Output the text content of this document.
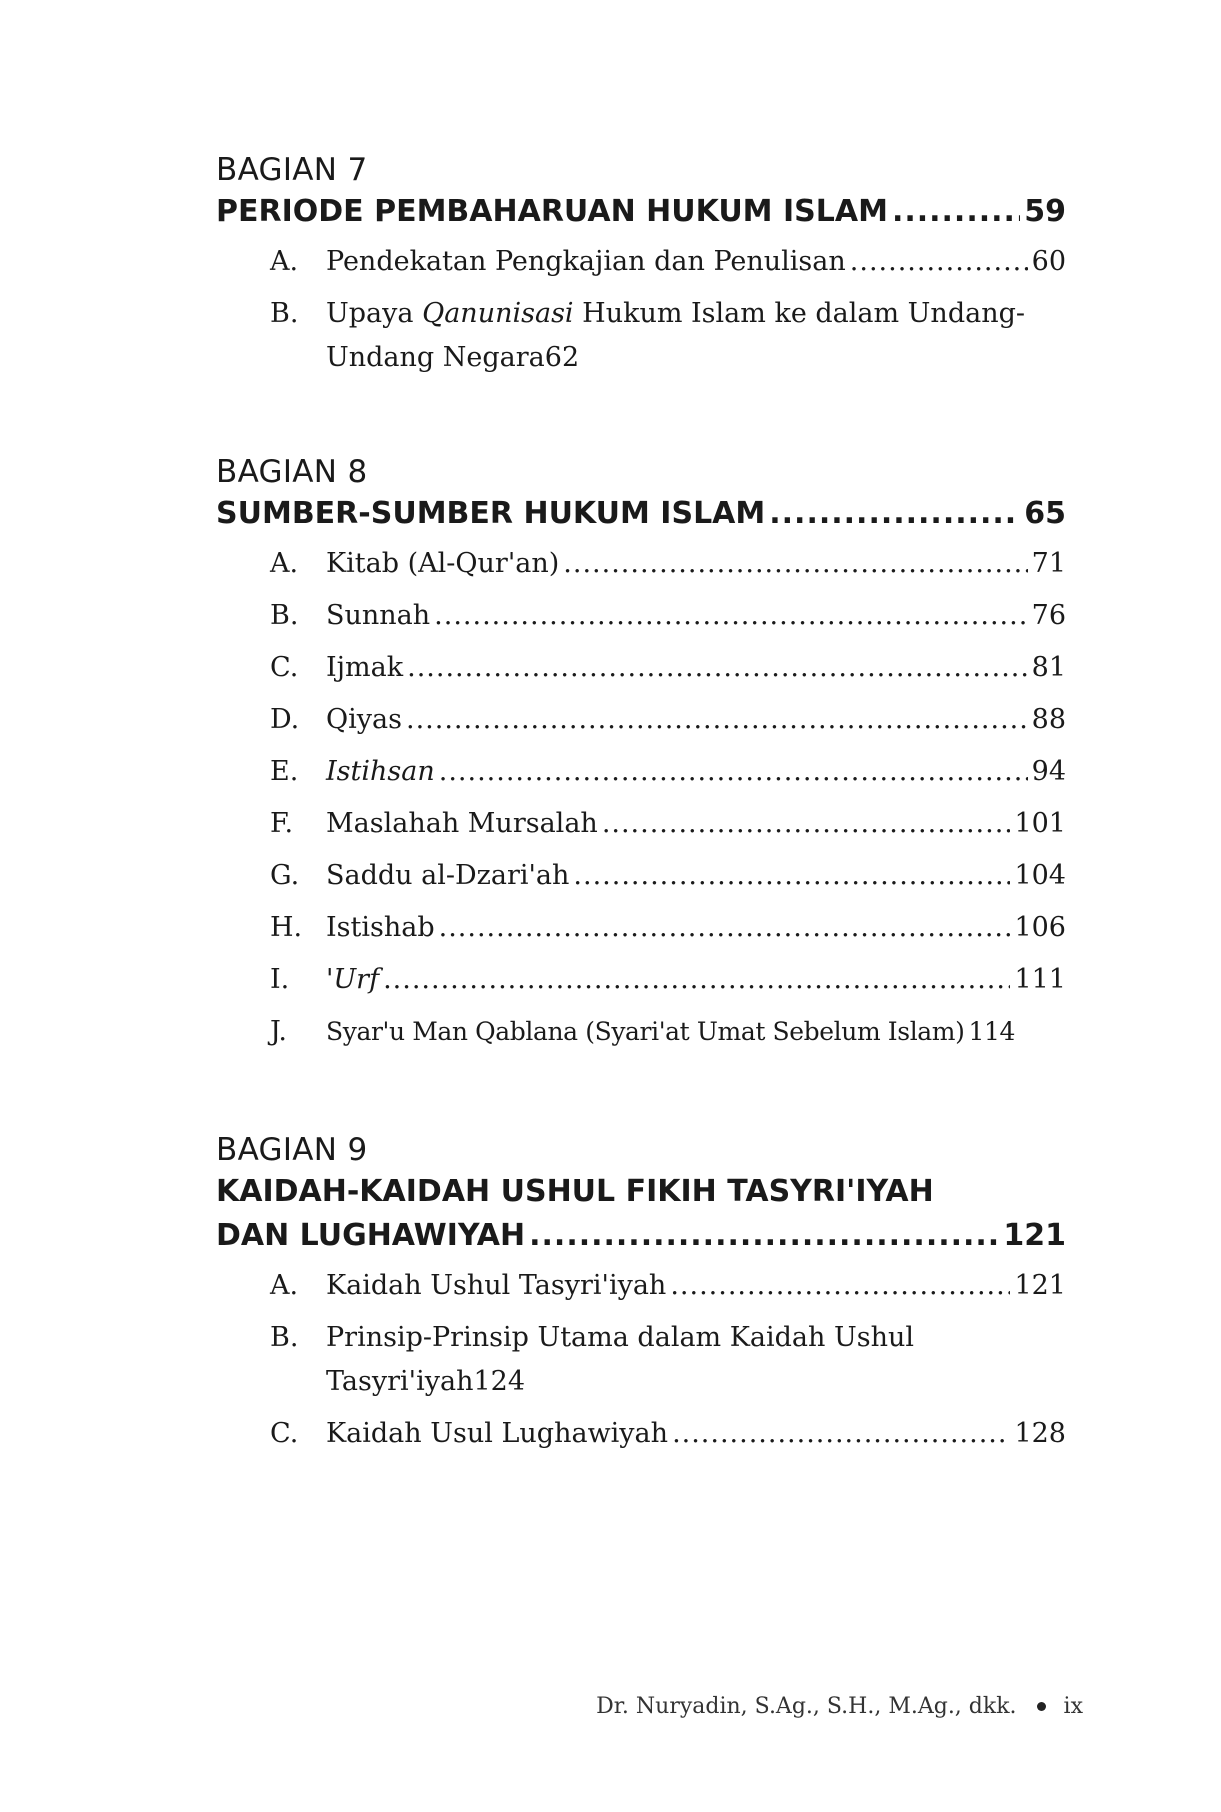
BAGIAN 7
PERIODE PEMBAHARUAN HUKUM ISLAM .....	59
A.	Pendekatan Pengkajian dan Penulisan .....	60
B.	Upaya Qanunisasi Hukum Islam ke dalam Undang-
Undang Negara 62
BAGIAN 8
SUMBER-SUMBER HUKUM ISLAM .....	65
A.	Kitab (Al-Qur'an) .....	71
B.	Sunnah .....	76
C.	Ijmak .....	81
D. Qiyas .....	88
E.	Istihsan .....	94
F.	Maslahah Mursalah .....	101
G. Saddu al-Dzari'ah .....	104
H. Istishab .....	106
I.	'Urf .....	111
J.	Syar'u Man Qablana (Syari'at Umat Sebelum Islam) 114
BAGIAN 9
KAIDAH-KAIDAH USHUL FIKIH TASYRI'IYAH
DAN LUGHAWIYAH .....	121
A.	Kaidah Ushul Tasyri'iyah .....	121
B.	Prinsip-Prinsip Utama dalam Kaidah Ushul
Tasyri'iyah 124
C.	Kaidah Usul Lughawiyah .....	128
Dr. Nuryadin, S.Ag., S.H., M.Ag., dkk. ix
